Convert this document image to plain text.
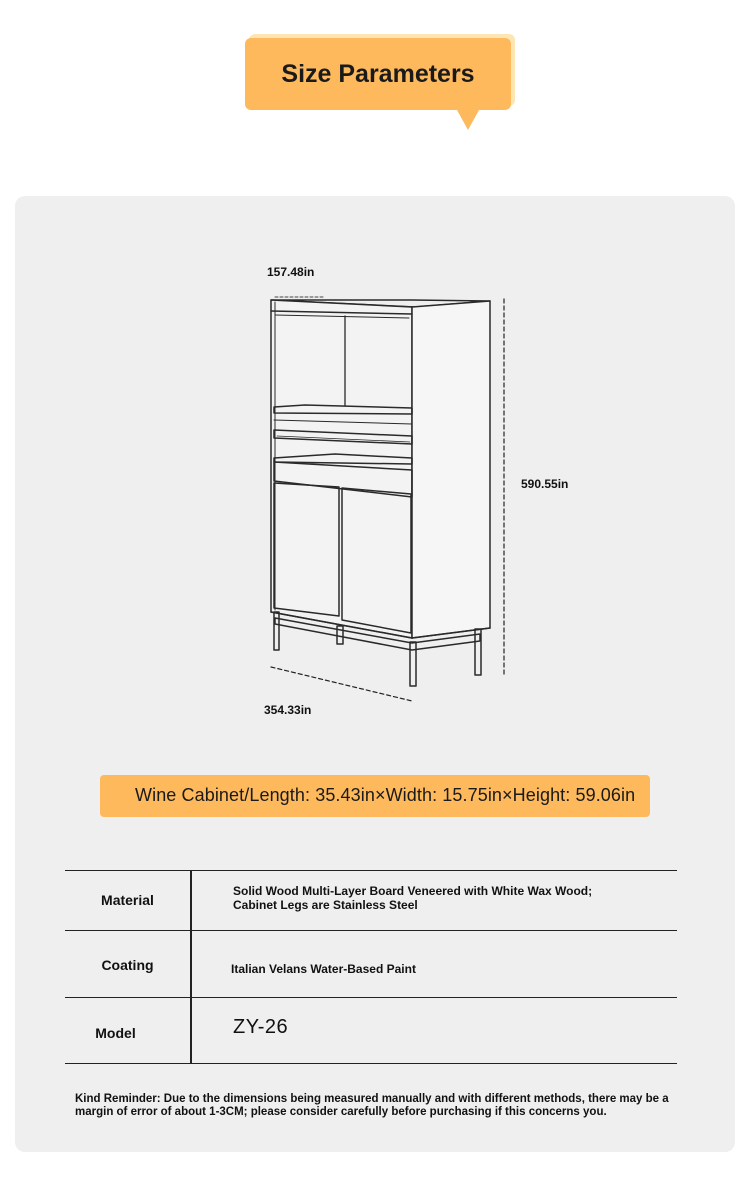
Size Parameters
157.48in
590.55in
354.33in
Wine Cabinet/Length: 35.43in×Width: 15.75in×Height: 59.06in
Material
Solid Wood Multi-Layer Board Veneered with White Wax Wood;
Cabinet Legs are Stainless Steel
Coating	Italian Velans Water-Based Paint
Model	ZY-26
Kind Reminder: Due to the dimensions being measured manually and with different methods, there may be a
margin of error of about 1-3CM; please consider carefully before purchasing if this concerns you.
